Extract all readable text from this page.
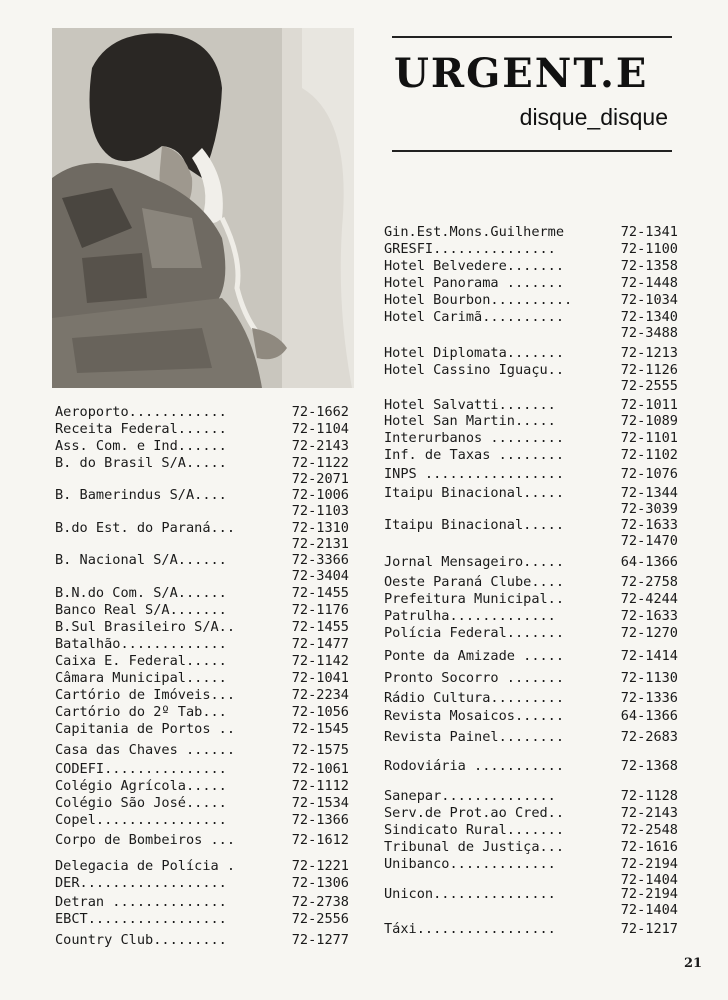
URGENT.E
disque_disque
Aeroporto............	72-1662
Receita Federal......	72-1104
Ass. Com. e Ind......	72-2143
B. do Brasil S/A.....	72-1122
72-2071
B. Bamerindus S/A....	72-1006
72-1103
B.do Est. do Paraná...	72-1310
72-2131
B. Nacional S/A......	72-3366
72-3404
B.N.do Com. S/A......	72-1455
Banco Real S/A.......	72-1176
B.Sul Brasileiro S/A..	72-1455
Batalhão.............	72-1477
Caixa E. Federal.....	72-1142
Câmara Municipal.....	72-1041
Cartório de Imóveis...	72-2234
Cartório do 2º Tab...	72-1056
Capitania de Portos ..	72-1545
Casa das Chaves ......	72-1575
CODEFI...............	72-1061
Colégio Agrícola.....	72-1112
Colégio São José.....	72-1534
Copel................	72-1366
Corpo de Bombeiros ...	72-1612
Delegacia de Polícia .	72-1221
DER..................	72-1306
Detran ..............	72-2738
EBCT.................	72-2556
Country Club.........	72-1277
Gin.Est.Mons.Guilherme	72-1341
GRESFI...............	72-1100
Hotel Belvedere.......	72-1358
Hotel Panorama .......	72-1448
Hotel Bourbon..........	72-1034
Hotel Carimã..........	72-1340
72-3488
Hotel Diplomata.......	72-1213
Hotel Cassino Iguaçu..	72-1126
72-2555
Hotel Salvatti.......	72-1011
Hotel San Martin.....	72-1089
Interurbanos .........	72-1101
Inf. de Taxas ........	72-1102
INPS .................	72-1076
Itaipu Binacional.....	72-1344
72-3039
Itaipu Binacional.....	72-1633
72-1470
Jornal Mensageiro.....	64-1366
Oeste Paraná Clube....	72-2758
Prefeitura Municipal..	72-4244
Patrulha.............	72-1633
Polícia Federal.......	72-1270
Ponte da Amizade .....	72-1414
Pronto Socorro .......	72-1130
Rádio Cultura.........	72-1336
Revista Mosaicos......	64-1366
Revista Painel........	72-2683
Rodoviária ...........	72-1368
Sanepar..............	72-1128
Serv.de Prot.ao Cred..	72-2143
Sindicato Rural.......	72-2548
Tribunal de Justiça...	72-1616
Unibanco.............	72-2194
72-1404
Unicon...............	72-2194
72-1404
Táxi.................	72-1217
21
